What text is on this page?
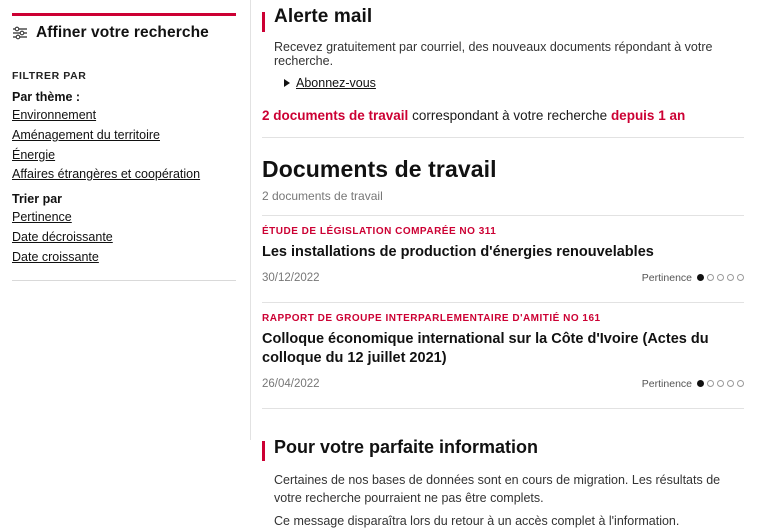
Affiner votre recherche
FILTRER PAR
Par thème :
Environnement
Aménagement du territoire
Énergie
Affaires étrangères et coopération
Trier par
Pertinence
Date décroissante
Date croissante
Alerte mail

Recevez gratuitement par courriel, des nouveaux documents répondant à votre recherche.

Abonnez-vous

2 documents de travail correspondant à votre recherche depuis 1 an

Documents de travail
2 documents de travail
ÉTUDE DE LÉGISLATION COMPARÉE NO 311
Les installations de production d'énergies renouvelables
30/12/2022	Pertinence
RAPPORT DE GROUPE INTERPARLEMENTAIRE D'AMITIÉ NO 161
Colloque économique international sur la Côte d'Ivoire (Actes du colloque du 12 juillet 2021)
26/04/2022	Pertinence
Pour votre parfaite information

Certaines de nos bases de données sont en cours de migration. Les résultats de votre recherche pourraient ne pas être complets.

Ce message disparaîtra lors du retour à un accès complet à l'information.
